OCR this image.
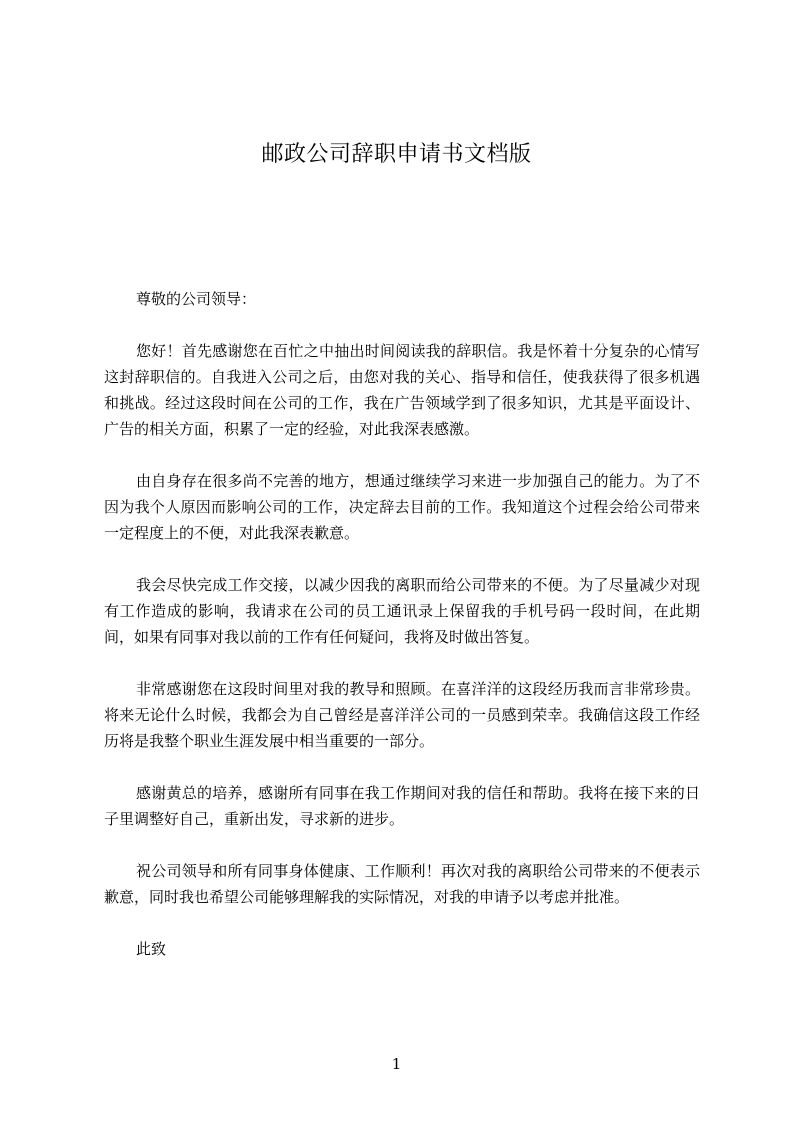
邮政公司辞职申请书文档版

尊敬的公司领导：

您好！首先感谢您在百忙之中抽出时间阅读我的辞职信。我是怀着十分复杂的心情写这封辞职信的。自我进入公司之后，由您对我的关心、指导和信任，使我获得了很多机遇和挑战。经过这段时间在公司的工作，我在广告领域学到了很多知识，尤其是平面设计、广告的相关方面，积累了一定的经验，对此我深表感激。

由自身存在很多尚不完善的地方，想通过继续学习来进一步加强自己的能力。为了不因为我个人原因而影响公司的工作，决定辞去目前的工作。我知道这个过程会给公司带来一定程度上的不便，对此我深表歉意。

我会尽快完成工作交接，以减少因我的离职而给公司带来的不便。为了尽量减少对现有工作造成的影响，我请求在公司的员工通讯录上保留我的手机号码一段时间，在此期间，如果有同事对我以前的工作有任何疑问，我将及时做出答复。

非常感谢您在这段时间里对我的教导和照顾。在喜洋洋的这段经历我而言非常珍贵。将来无论什么时候，我都会为自己曾经是喜洋洋公司的一员感到荣幸。我确信这段工作经历将是我整个职业生涯发展中相当重要的一部分。

感谢黄总的培养，感谢所有同事在我工作期间对我的信任和帮助。我将在接下来的日子里调整好自己，重新出发，寻求新的进步。

祝公司领导和所有同事身体健康、工作顺利！再次对我的离职给公司带来的不便表示歉意，同时我也希望公司能够理解我的实际情况，对我的申请予以考虑并批准。

此致

1
